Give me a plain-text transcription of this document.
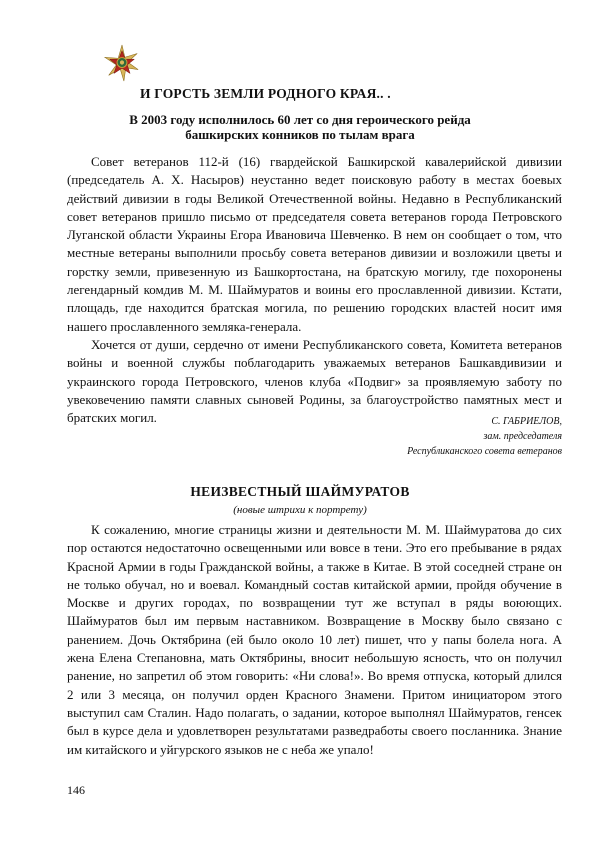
И ГОРСТЬ ЗЕМЛИ РОДНОГО КРАЯ.. .
В 2003 году исполнилось 60 лет со дня героического рейда
башкирских конников по тылам врага

Совет ветеранов 112-й (16) гвардейской Башкирской кавалерийской дивизии (председатель А. Х. Насыров) неустанно ведет поисковую работу в местах боевых действий дивизии в годы Великой Отечественной войны. Недавно в Республиканский совет ветеранов пришло письмо от председателя совета ветеранов города Петровского Луганской области Украины Егора Ивановича Шевченко. В нем он сообщает о том, что местные ветераны выполнили просьбу совета ветеранов дивизии и возложили цветы и горстку земли, привезенную из Башкортостана, на братскую могилу, где похоронены легендарный комдив М. М. Шаймуратов и воины его прославленной дивизии. Кстати, площадь, где находится братская могила, по решению городских властей носит имя нашего прославленного земляка-генерала.

Хочется от души, сердечно от имени Республиканского совета, Комитета ветеранов войны и военной службы поблагодарить уважаемых ветеранов Башкавдивизии и украинского города Петровского, членов клуба «Подвиг» за проявляемую заботу по увековечению памяти славных сыновей Родины, за благоустройство памятных мест и братских могил.	С. ГАБРИЕЛОВ,
зам. председателя
Республиканского совета ветеранов
НЕИЗВЕСТНЫЙ ШАЙМУРАТОВ
(новые штрихи к портрету)

К сожалению, многие страницы жизни и деятельности М. М. Шаймуратова до сих пор остаются недостаточно освещенными или вовсе в тени. Это его пребывание в рядах Красной Армии в годы Гражданской войны, а также в Китае. В этой соседней стране он не только обучал, но и воевал. Командный состав китайской армии, пройдя обучение в Москве и других городах, по возвращении тут же вступал в ряды воюющих. Шаймуратов был им первым наставником. Возвращение в Москву было связано с ранением. Дочь Октябрина (ей было около 10 лет) пишет, что у папы болела нога. А жена Елена Степановна, мать Октябрины, вносит небольшую ясность, что он получил ранение, но запретил об этом говорить: «Ни слова!». Во время отпуска, который длился 2 или 3 месяца, он получил орден Красного Знамени. Притом инициатором этого выступил сам Сталин. Надо полагать, о задании, которое выполнял Шаймуратов, генсек был в курсе дела и удовлетворен результатами разведработы своего посланника. Знание им китайского и уйгурского языков не с неба же упало!

146
